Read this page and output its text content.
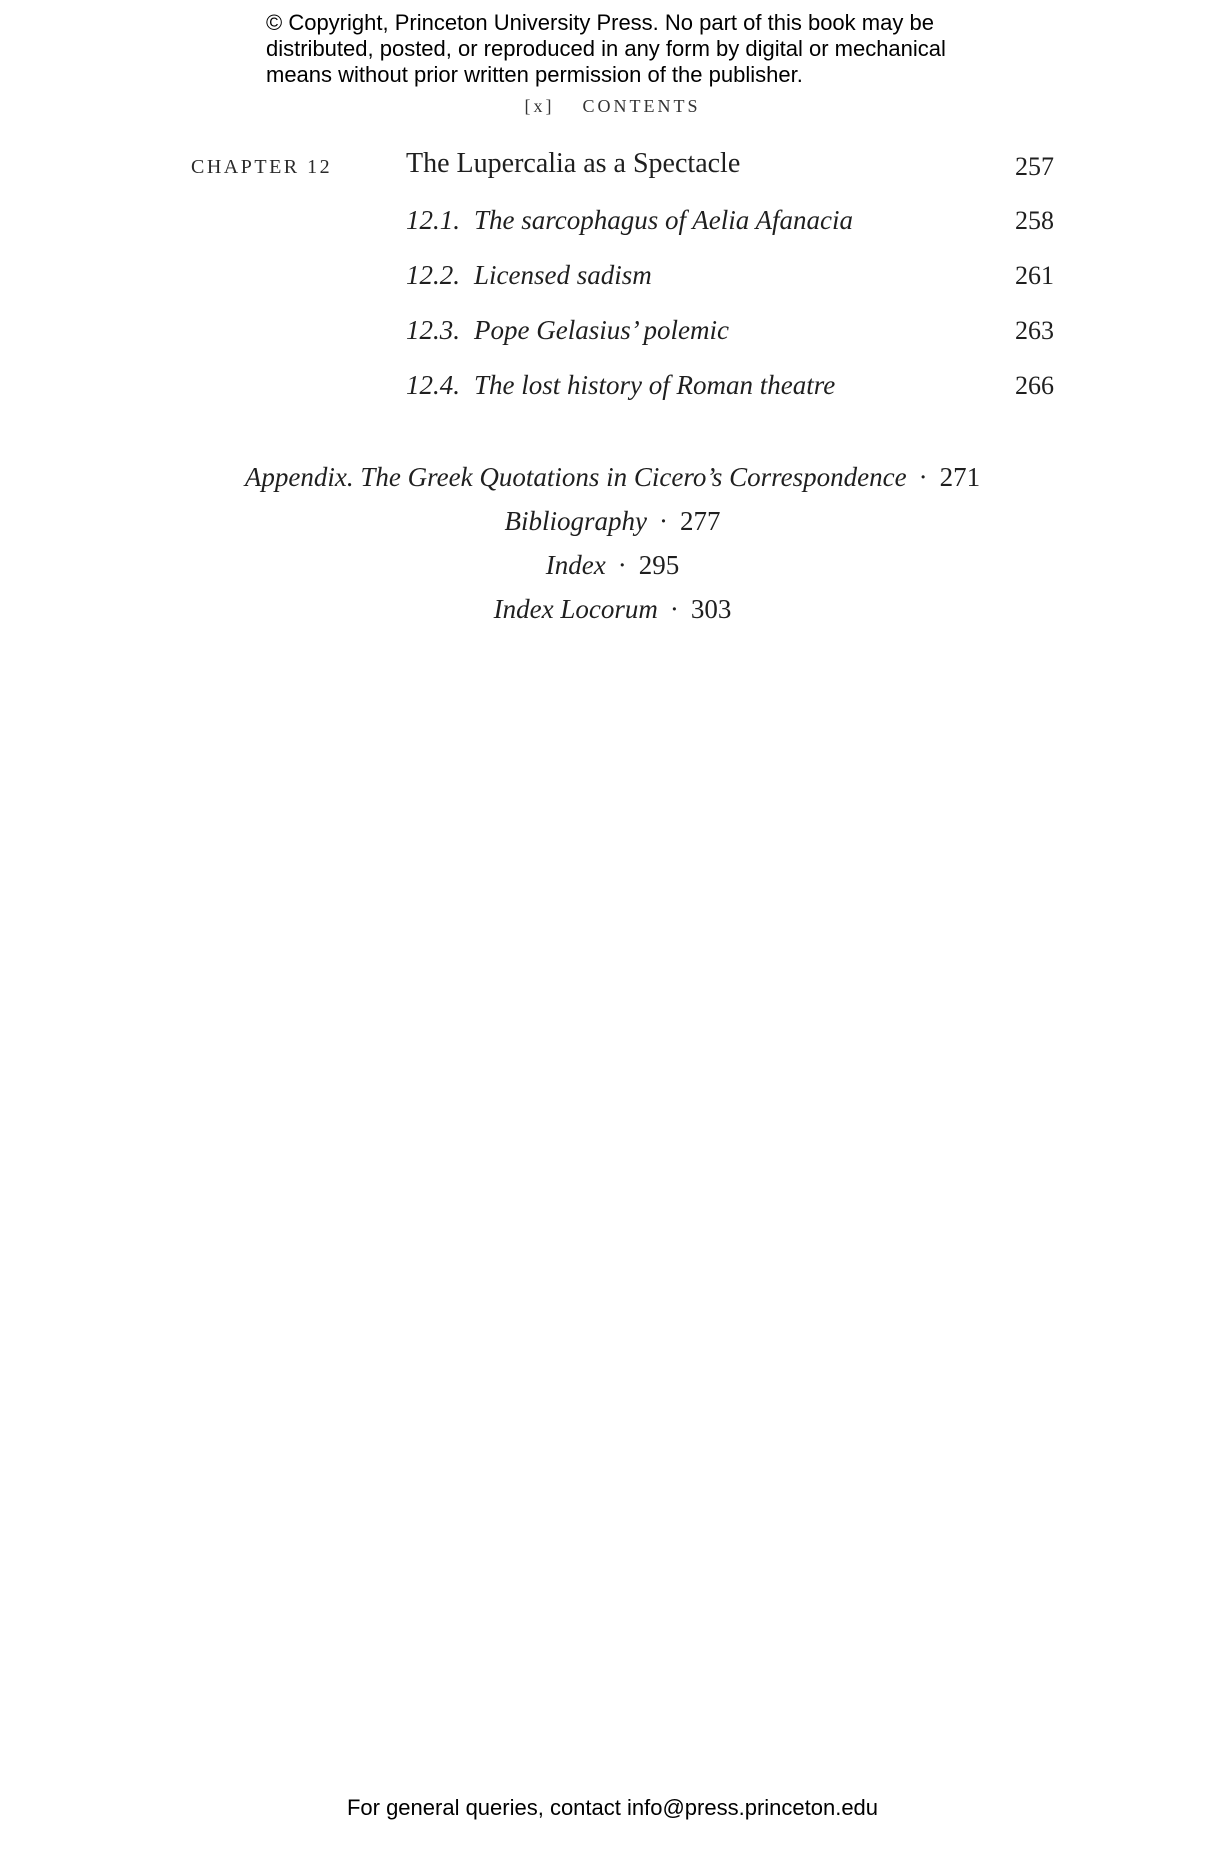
© Copyright, Princeton University Press. No part of this book may be distributed, posted, or reproduced in any form by digital or mechanical means without prior written permission of the publisher.
[x] CONTENTS
CHAPTER 12	The Lupercalia as a Spectacle	257
12.1. The sarcophagus of Aelia Afanacia	258
12.2. Licensed sadism	261
12.3. Pope Gelasius’ polemic	263
12.4. The lost history of Roman theatre	266
Appendix. The Greek Quotations in Cicero’s Correspondence · 271
Bibliography · 277
Index · 295
Index Locorum · 303
For general queries, contact info@press.princeton.edu
